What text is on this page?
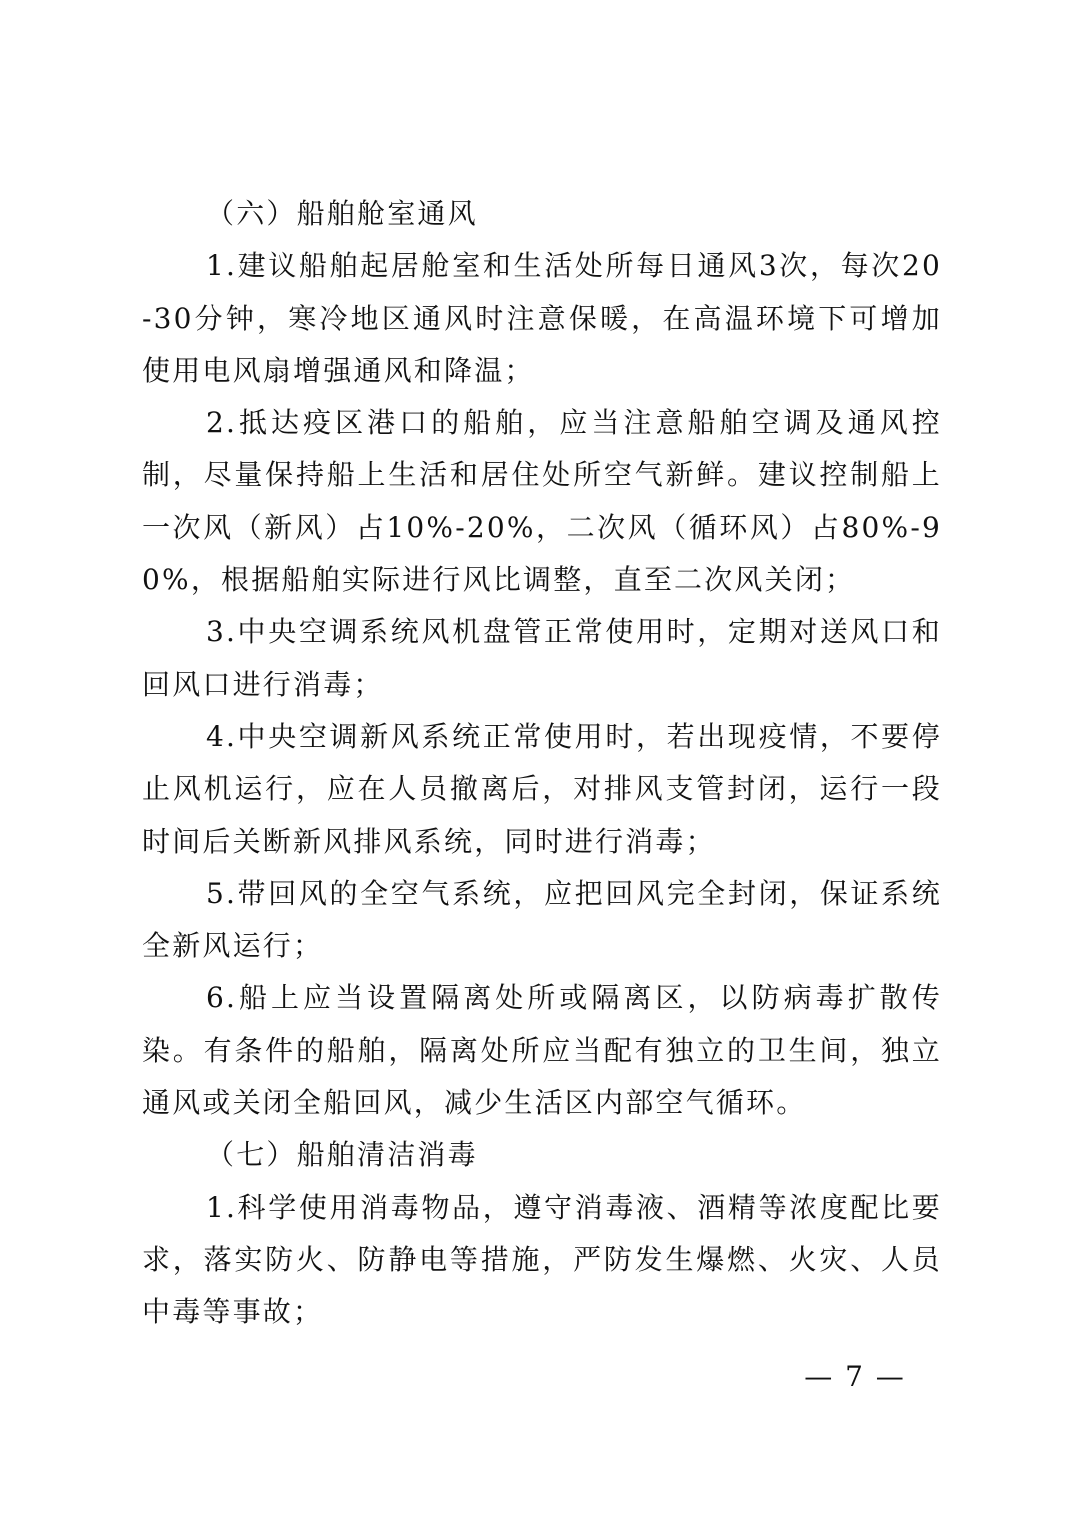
（六）船舶舱室通风

1.建议船舶起居舱室和生活处所每日通风3次，每次20-30分钟，寒冷地区通风时注意保暖，在高温环境下可增加使用电风扇增强通风和降温；

2.抵达疫区港口的船舶，应当注意船舶空调及通风控制，尽量保持船上生活和居住处所空气新鲜。建议控制船上一次风（新风）占10%-20%，二次风（循环风）占80%-90%，根据船舶实际进行风比调整，直至二次风关闭；

3.中央空调系统风机盘管正常使用时，定期对送风口和回风口进行消毒；

4.中央空调新风系统正常使用时，若出现疫情，不要停止风机运行，应在人员撤离后，对排风支管封闭，运行一段时间后关断新风排风系统，同时进行消毒；

5.带回风的全空气系统，应把回风完全封闭，保证系统全新风运行；

6.船上应当设置隔离处所或隔离区，以防病毒扩散传染。有条件的船舶，隔离处所应当配有独立的卫生间，独立通风或关闭全船回风，减少生活区内部空气循环。

（七）船舶清洁消毒

1.科学使用消毒物品，遵守消毒液、酒精等浓度配比要求，落实防火、防静电等措施，严防发生爆燃、火灾、人员中毒等事故；

— 7 —
